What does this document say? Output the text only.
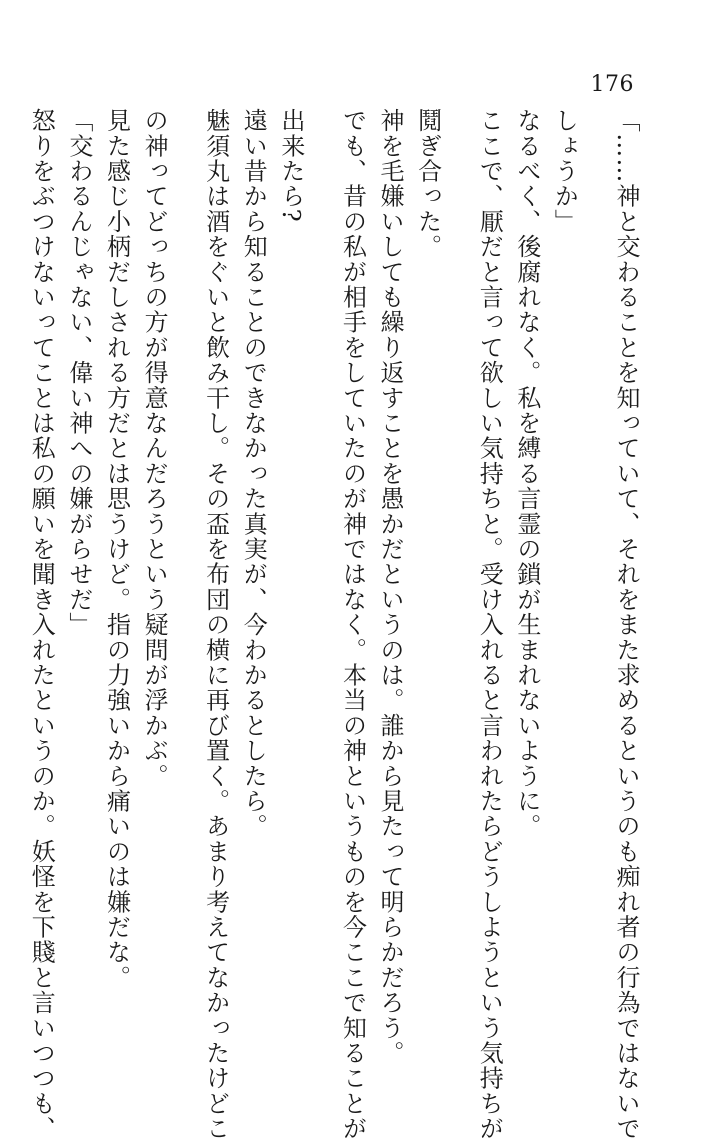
176

「……神と交わることを知っていて、それをまた求めるというのも痴れ者の行為ではないで

しょうか」

なるべく、後腐れなく。私を縛る言霊の鎖が生まれないように。

ここで、厭だと言って欲しい気持ちと。受け入れると言われたらどうしようという気持ちが

鬩ぎ合った。

神を毛嫌いしても繰り返すことを愚かだというのは。誰から見たって明らかだろう。

でも、昔の私が相手をしていたのが神ではなく。本当の神というものを今ここで知ることが

出来たら?

遠い昔から知ることのできなかった真実が、今わかるとしたら。

魅須丸は酒をぐいと飲み干し。その盃を布団の横に再び置く。あまり考えてなかったけどこ

の神ってどっちの方が得意なんだろうという疑問が浮かぶ。

見た感じ小柄だしされる方だとは思うけど。指の力強いから痛いのは嫌だな。

「交わるんじゃない、偉い神への嫌がらせだ」

怒りをぶつけないってことは私の願いを聞き入れたというのか。妖怪を下賤と言いつつも、
